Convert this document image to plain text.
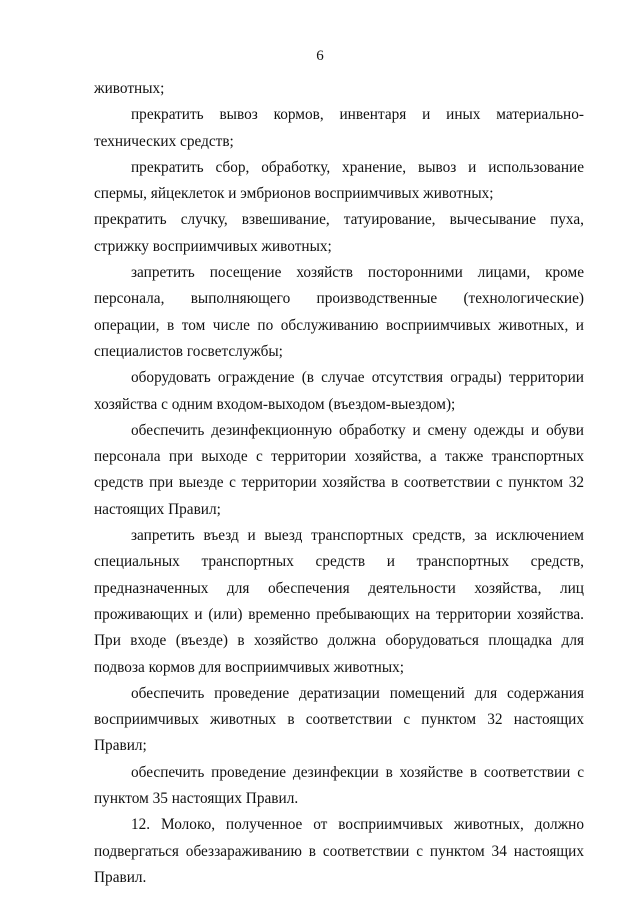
6

животных;

прекратить вывоз кормов, инвентаря и иных материально-технических средств;

прекратить сбор, обработку, хранение, вывоз и использование спермы, яйцеклеток и эмбрионов восприимчивых животных;

прекратить случку, взвешивание, татуирование, вычесывание пуха, стрижку восприимчивых животных;

запретить посещение хозяйств посторонними лицами, кроме персонала, выполняющего производственные (технологические) операции, в том числе по обслуживанию восприимчивых животных, и специалистов госветслужбы;

оборудовать ограждение (в случае отсутствия ограды) территории хозяйства с одним входом-выходом (въездом-выездом);

обеспечить дезинфекционную обработку и смену одежды и обуви персонала при выходе с территории хозяйства, а также транспортных средств при выезде с территории хозяйства в соответствии с пунктом 32 настоящих Правил;

запретить въезд и выезд транспортных средств, за исключением специальных транспортных средств и транспортных средств, предназначенных для обеспечения деятельности хозяйства, лиц проживающих и (или) временно пребывающих на территории хозяйства. При входе (въезде) в хозяйство должна оборудоваться площадка для подвоза кормов для восприимчивых животных;

обеспечить проведение дератизации помещений для содержания восприимчивых животных в соответствии с пунктом 32 настоящих Правил;

обеспечить проведение дезинфекции в хозяйстве в соответствии с пунктом 35 настоящих Правил.

12. Молоко, полученное от восприимчивых животных, должно подвергаться обеззараживанию в соответствии с пунктом 34 настоящих Правил.
